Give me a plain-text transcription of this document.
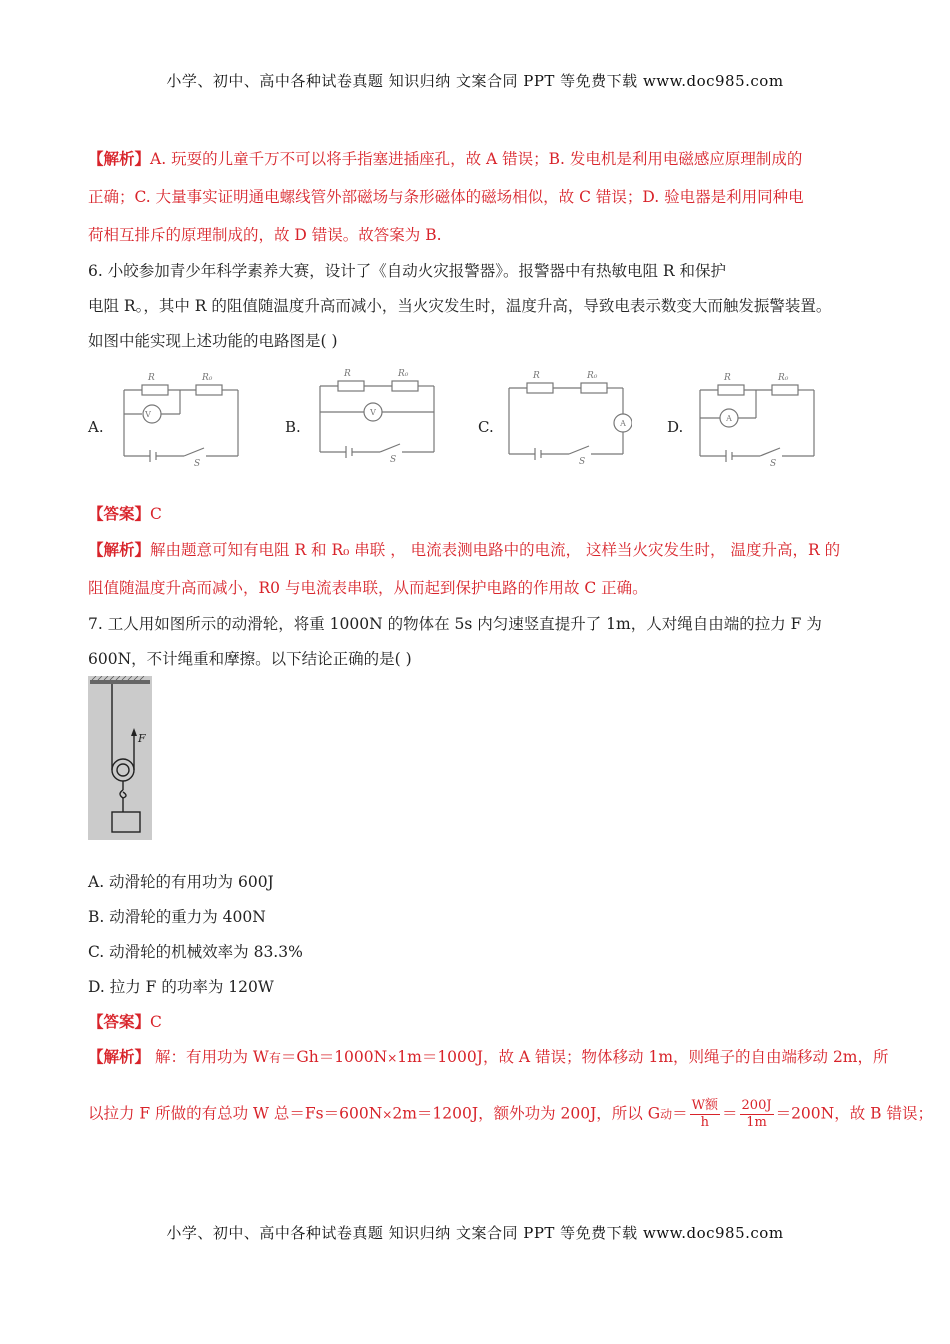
小学、初中、高中各种试卷真题 知识归纳 文案合同 PPT 等免费下载 www.doc985.com
【解析】A. 玩耍的儿童千万不可以将手指塞进插座孔，故 A 错误；B. 发电机是利用电磁感应原理制成的
正确；C. 大量事实证明通电螺线管外部磁场与条形磁体的磁场相似，故 C 错误；D. 验电器是利用同种电
荷相互排斥的原理制成的，故 D 错误。故答案为 B.
6. 小皎参加青少年科学素养大赛，设计了《自动火灾报警器》。报警器中有热敏电阻 R 和保护
电阻 R。，其中 R 的阻值随温度升高而减小，当火灾发生时，温度升高，导致电表示数变大而触发振警装置。
如图中能实现上述功能的电路图是( )
A.	B.	C.	D.
R	R₀
V
S
R	R₀
V
S
R	R₀
A
S
R	R₀
A
S
【答案】C
【解析】解由题意可知有电阻 R 和 R₀ 串联 ， 电流表测电路中的电流， 这样当火灾发生时， 温度升高，R 的
阻值随温度升高而减小，R0 与电流表串联，从而起到保护电路的作用故 C 正确。
7. 工人用如图所示的动滑轮，将重 1000N 的物体在 5s 内匀速竖直提升了 1m，人对绳自由端的拉力 F 为
600N，不计绳重和摩擦。以下结论正确的是( )
F
A. 动滑轮的有用功为 600J
B. 动滑轮的重力为 400N
C. 动滑轮的机械效率为 83.3%
D. 拉力 F 的功率为 120W
【答案】C
【解析】 解：有用功为 W有＝Gh＝1000N×1m＝1000J，故 A 错误；物体移动 1m，则绳子的自由端移动 2m，所
以拉力 F 所做的有总功 W 总＝Fs＝600N×2m＝1200J，额外功为 200J，所以 G动＝ $\frac{\text{W额}}{h} = \frac{200J}{1m} =200N$，故 B 错误；
小学、初中、高中各种试卷真题 知识归纳 文案合同 PPT 等免费下载 www.doc985.com
